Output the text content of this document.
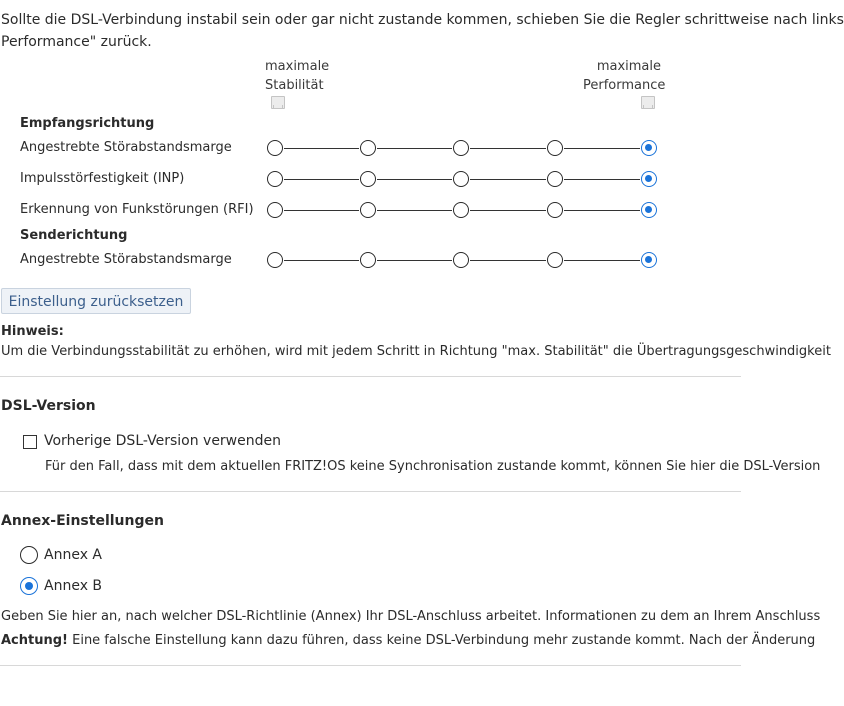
Sollte die DSL-Verbindung instabil sein oder gar nicht zustande kommen, schieben Sie die Regler schrittweise nach links
Performance" zurück.
maximale
Stabilität
maximale
Performance
Empfangsrichtung
Angestrebte Störabstandsmarge
Impulsstörfestigkeit (INP)
Erkennung von Funkstörungen (RFI)
Senderichtung
Angestrebte Störabstandsmarge
Einstellung zurücksetzen
Hinweis:
Um die Verbindungsstabilität zu erhöhen, wird mit jedem Schritt in Richtung "max. Stabilität" die Übertragungsgeschwindigkeit
DSL-Version
Vorherige DSL-Version verwenden
Für den Fall, dass mit dem aktuellen FRITZ!OS keine Synchronisation zustande kommt, können Sie hier die DSL-Version
Annex-Einstellungen
Annex A
Annex B
Geben Sie hier an, nach welcher DSL-Richtlinie (Annex) Ihr DSL-Anschluss arbeitet. Informationen zu dem an Ihrem Anschluss
Achtung! Eine falsche Einstellung kann dazu führen, dass keine DSL-Verbindung mehr zustande kommt. Nach der Änderung
